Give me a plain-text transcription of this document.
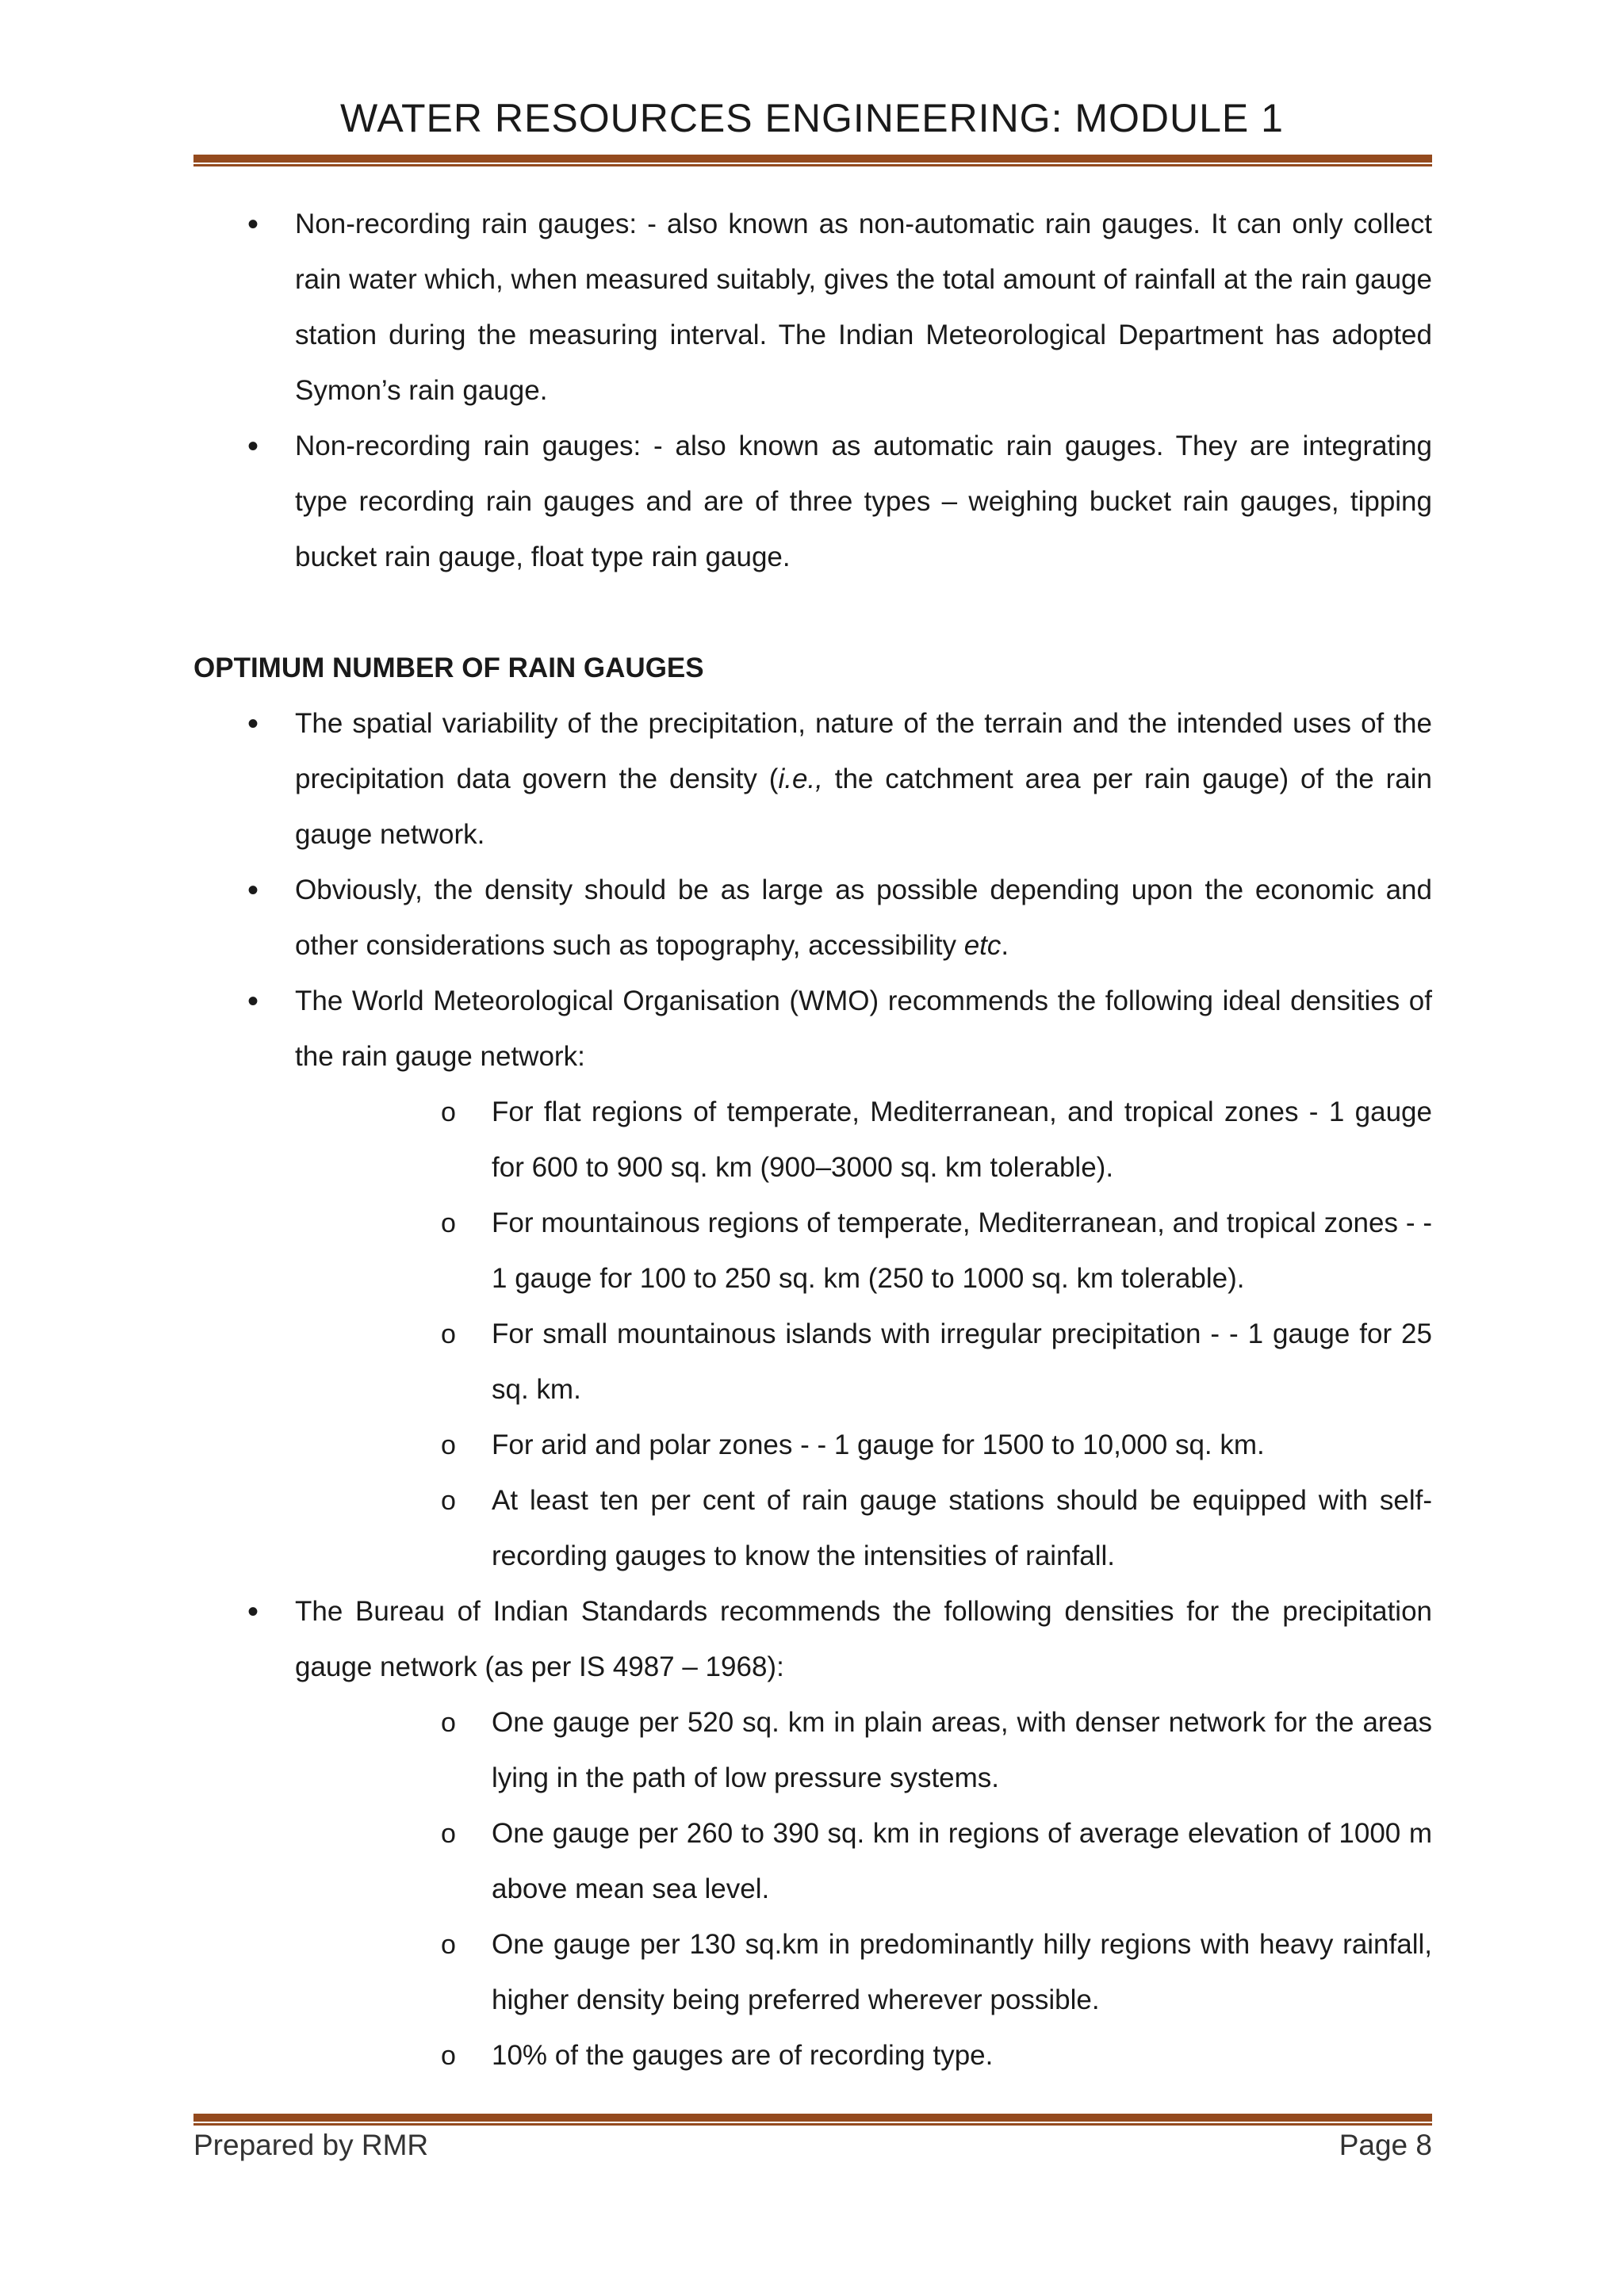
WATER RESOURCES ENGINEERING: MODULE 1
• Non-recording rain gauges: - also known as non-automatic rain gauges. It can only collect rain water which, when measured suitably, gives the total amount of rainfall at the rain gauge station during the measuring interval. The Indian Meteorological Department has adopted Symon’s rain gauge.
• Non-recording rain gauges: - also known as automatic rain gauges. They are integrating type recording rain gauges and are of three types – weighing bucket rain gauges, tipping bucket rain gauge, float type rain gauge.
OPTIMUM NUMBER OF RAIN GAUGES
• The spatial variability of the precipitation, nature of the terrain and the intended uses of the precipitation data govern the density (i.e., the catchment area per rain gauge) of the rain gauge network.
• Obviously, the density should be as large as possible depending upon the economic and other considerations such as topography, accessibility etc.
• The World Meteorological Organisation (WMO) recommends the following ideal densities of the rain gauge network:
o For flat regions of temperate, Mediterranean, and tropical zones - 1 gauge for 600 to 900 sq. km (900–3000 sq. km tolerable).
o For mountainous regions of temperate, Mediterranean, and tropical zones - - 1 gauge for 100 to 250 sq. km (250 to 1000 sq. km tolerable).
o For small mountainous islands with irregular precipitation - - 1 gauge for 25 sq. km.
o For arid and polar zones - - 1 gauge for 1500 to 10,000 sq. km.
o At least ten per cent of rain gauge stations should be equipped with self-recording gauges to know the intensities of rainfall.
• The Bureau of Indian Standards recommends the following densities for the precipitation gauge network (as per IS 4987 – 1968):
o One gauge per 520 sq. km in plain areas, with denser network for the areas lying in the path of low pressure systems.
o One gauge per 260 to 390 sq. km in regions of average elevation of 1000 m above mean sea level.
o One gauge per 130 sq.km in predominantly hilly regions with heavy rainfall, higher density being preferred wherever possible.
o 10% of the gauges are of recording type.
Prepared by RMR	Page 8
